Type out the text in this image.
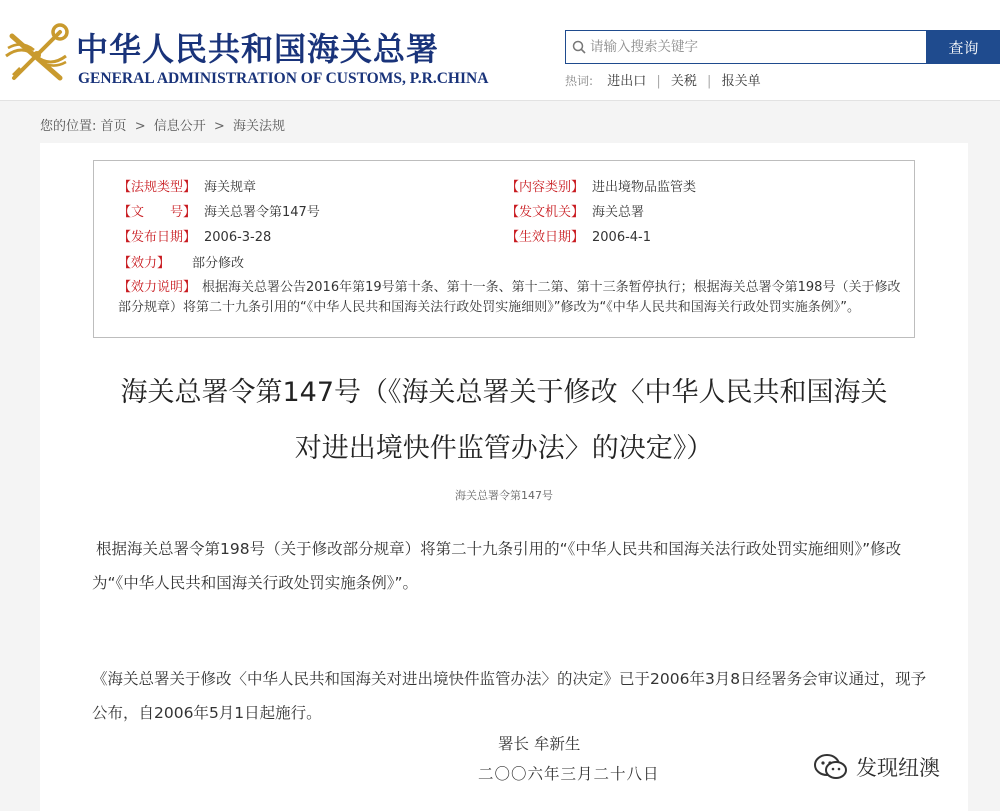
中华人民共和国海关总署
GENERAL ADMINISTRATION OF CUSTOMS, P.R.CHINA
请输入搜索关键字
查询
热词: 进出口 | 关税 | 报关单
您的位置: 首页 > 信息公开 > 海关法规
【法规类型】 海关规章	【内容类别】 进出境物品监管类
【文　　号】 海关总署令第147号	【发文机关】 海关总署
【发布日期】 2006-3-28	【生效日期】 2006-4-1
【效力】 部分修改
【效力说明】 根据海关总署公告2016年第19号第十条、第十一条、第十二第、第十三条暂停执行；根据海关总署令第198号（关于修改部分规章）将第二十九条引用的“《中华人民共和国海关法行政处罚实施细则》”修改为“《中华人民共和国海关行政处罚实施条例》”。
海关总署令第147号（《海关总署关于修改〈中华人民共和国海关
对进出境快件监管办法〉的决定》）
海关总署令第147号
根据海关总署令第198号（关于修改部分规章）将第二十九条引用的“《中华人民共和国海关法行政处罚实施细则》”修改为“《中华人民共和国海关行政处罚实施条例》”。
《海关总署关于修改〈中华人民共和国海关对进出境快件监管办法〉的决定》已于2006年3月8日经署务会审议通过，现予公布，自2006年5月1日起施行。
署长 牟新生
二〇〇六年三月二十八日	发现纽澳
